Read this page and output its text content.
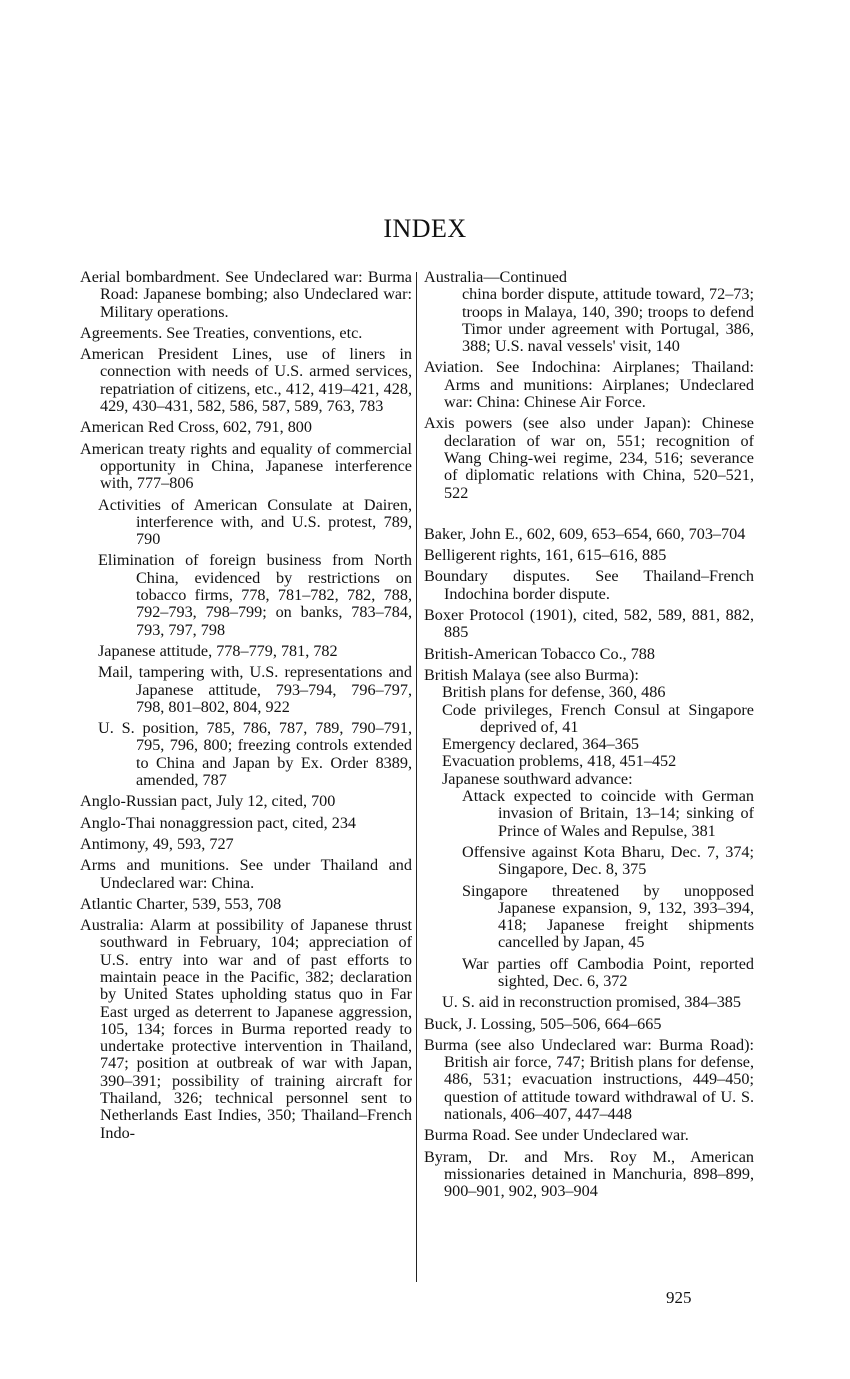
INDEX

Aerial bombardment. See Undeclared war: Burma Road: Japanese bombing; also Undeclared war: Military operations.

Agreements. See Treaties, conventions, etc.

American President Lines, use of liners in connection with needs of U.S. armed services, repatriation of citizens, etc., 412, 419–421, 428, 429, 430–431, 582, 586, 587, 589, 763, 783

American Red Cross, 602, 791, 800

American treaty rights and equality of commercial opportunity in China, Japanese interference with, 777–806

Activities of American Consulate at Dairen, interference with, and U.S. protest, 789, 790

Elimination of foreign business from North China, evidenced by restrictions on tobacco firms, 778, 781–782, 782, 788, 792–793, 798–799; on banks, 783–784, 793, 797, 798

Japanese attitude, 778–779, 781, 782

Mail, tampering with, U.S. representations and Japanese attitude, 793–794, 796–797, 798, 801–802, 804, 922

U. S. position, 785, 786, 787, 789, 790–791, 795, 796, 800; freezing controls extended to China and Japan by Ex. Order 8389, amended, 787

Anglo-Russian pact, July 12, cited, 700

Anglo-Thai nonaggression pact, cited, 234

Antimony, 49, 593, 727

Arms and munitions. See under Thailand and Undeclared war: China.

Atlantic Charter, 539, 553, 708

Australia: Alarm at possibility of Japanese thrust southward in February, 104; appreciation of U.S. entry into war and of past efforts to maintain peace in the Pacific, 382; declaration by United States upholding status quo in Far East urged as deterrent to Japanese aggression, 105, 134; forces in Burma reported ready to undertake protective intervention in Thailand, 747; position at outbreak of war with Japan, 390–391; possibility of training aircraft for Thailand, 326; technical personnel sent to Netherlands East Indies, 350; Thailand–French Indo-

Australia—Continued

china border dispute, attitude toward, 72–73; troops in Malaya, 140, 390; troops to defend Timor under agreement with Portugal, 386, 388; U.S. naval vessels' visit, 140

Aviation. See Indochina: Airplanes; Thailand: Arms and munitions: Airplanes; Undeclared war: China: Chinese Air Force.

Axis powers (see also under Japan): Chinese declaration of war on, 551; recognition of Wang Ching-wei regime, 234, 516; severance of diplomatic relations with China, 520–521, 522

Baker, John E., 602, 609, 653–654, 660, 703–704

Belligerent rights, 161, 615–616, 885

Boundary disputes. See Thailand–French Indochina border dispute.

Boxer Protocol (1901), cited, 582, 589, 881, 882, 885

British-American Tobacco Co., 788

British Malaya (see also Burma):

British plans for defense, 360, 486

Code privileges, French Consul at Singapore deprived of, 41

Emergency declared, 364–365

Evacuation problems, 418, 451–452

Japanese southward advance:

Attack expected to coincide with German invasion of Britain, 13–14; sinking of Prince of Wales and Repulse, 381

Offensive against Kota Bharu, Dec. 7, 374; Singapore, Dec. 8, 375

Singapore threatened by unopposed Japanese expansion, 9, 132, 393–394, 418; Japanese freight shipments cancelled by Japan, 45

War parties off Cambodia Point, reported sighted, Dec. 6, 372

U. S. aid in reconstruction promised, 384–385

Buck, J. Lossing, 505–506, 664–665

Burma (see also Undeclared war: Burma Road): British air force, 747; British plans for defense, 486, 531; evacuation instructions, 449–450; question of attitude toward withdrawal of U. S. nationals, 406–407, 447–448

Burma Road. See under Undeclared war.

Byram, Dr. and Mrs. Roy M., American missionaries detained in Manchuria, 898–899, 900–901, 902, 903–904

925
